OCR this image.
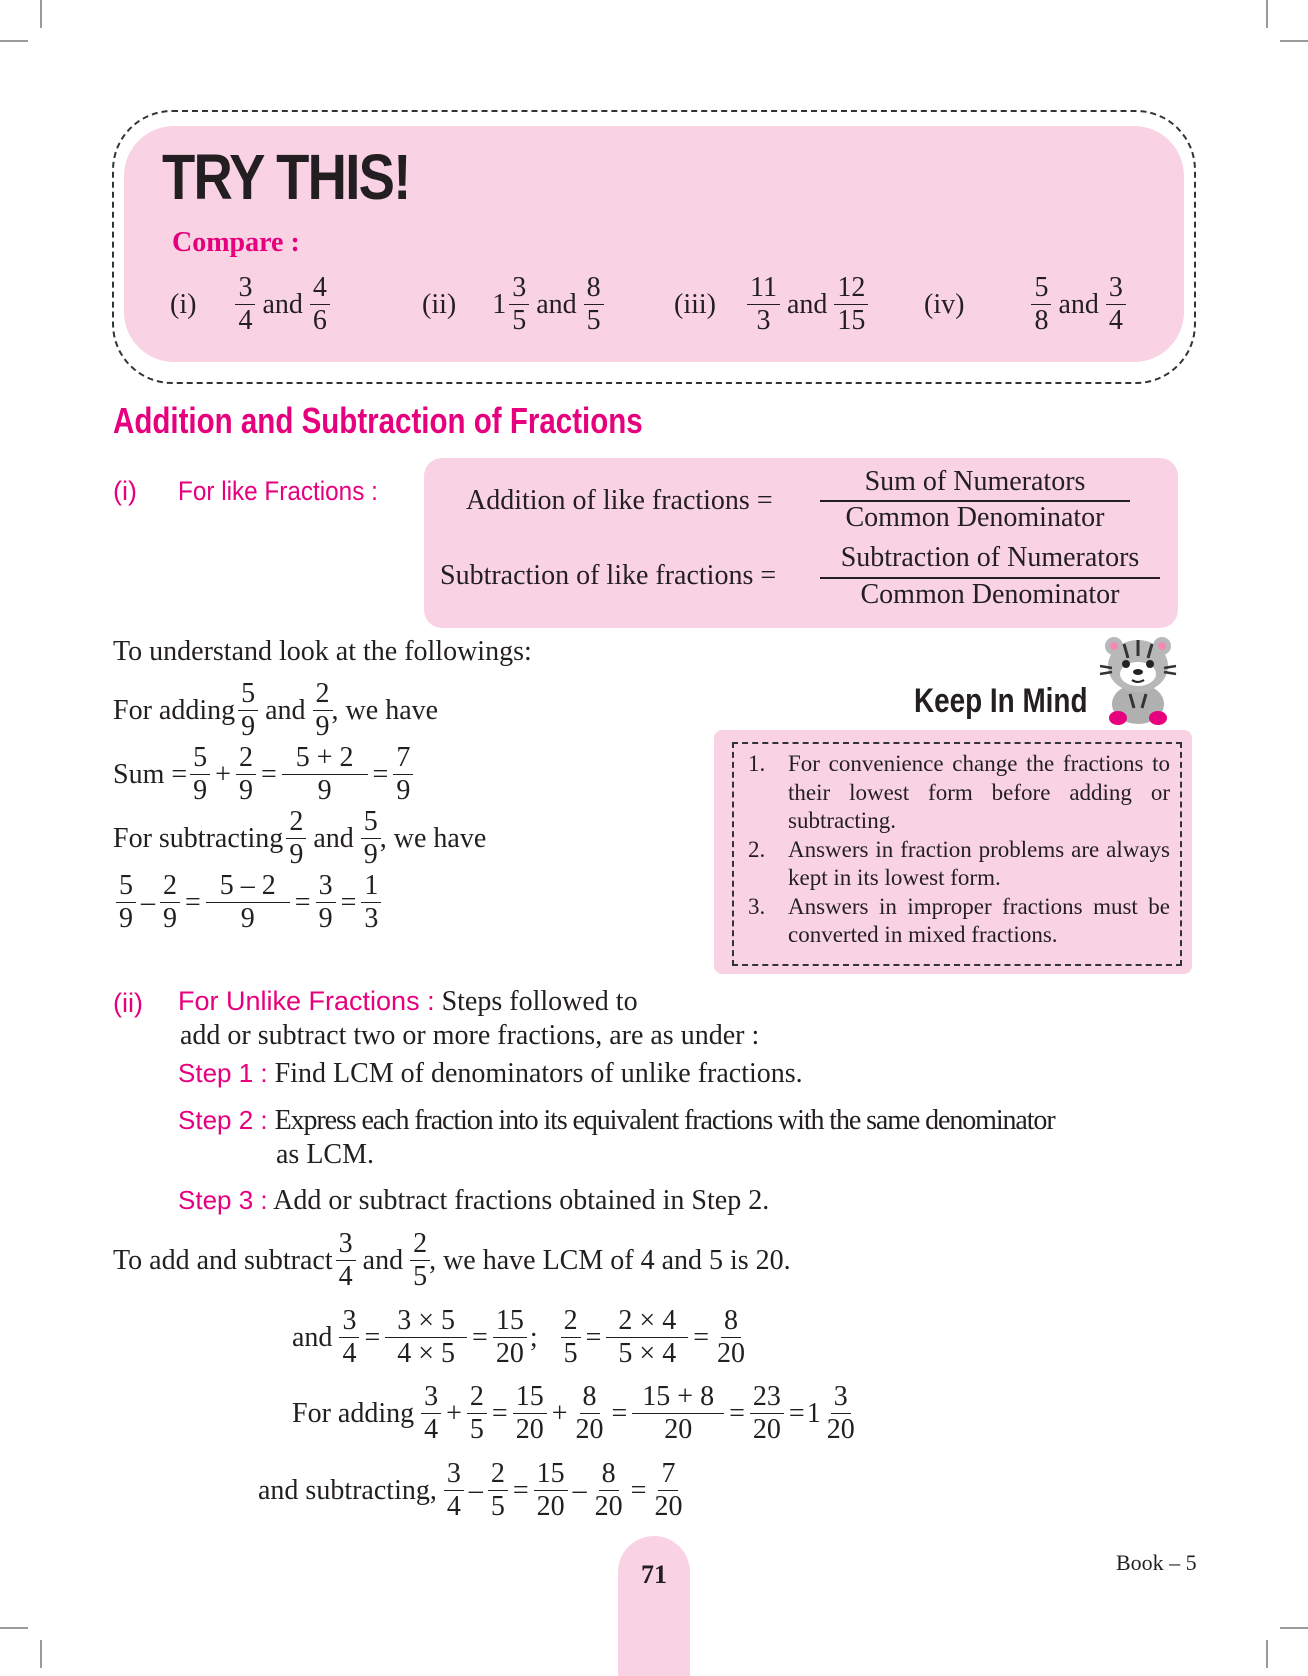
TRY THIS!
Compare :
$(i) \frac{3}{4}$ and $\frac{4}{6}$	(ii) $1 \frac{3}{5}$ and $\frac{8}{5}$	$(iii) \frac{11}{3}$ and $\frac{12}{15} (iv) \frac{5}{8}$ and $\frac{3}{4}$
Addition and Subtraction of Fractions
(i) For like Fractions :	Addition of like fractions =
Sum of Numerators
Common Denominator
Subtraction of like fractions =
Subtraction of Numerators
Common Denominator
To understand look at the followings:
For adding $\frac{5}{9}$ and $\frac{2}{9}$ , we have
Sum = $\frac{5}{9} + \frac{2}{9} = \frac{5 + 2}{9} = \frac{7}{9}$
For subtracting $\frac{2}{9}$ and $\frac{5}{9}$ , we have
$\frac{5}{9} - \frac{2}{9} = \frac{5 - 2}{9} = \frac{3}{9} = \frac{1}{3}$
Keep In Mind
1. For convenience change the fractions to their lowest form before adding or subtracting.
2. Answers in fraction problems are always kept in its lowest form.
3. Answers in improper fractions must be converted in mixed fractions.
(ii) For Unlike Fractions : Steps followed to
add or subtract two or more fractions, are as under :
Step 1 : Find LCM of denominators of unlike fractions.
Step 2 : Express each fraction into its equivalent fractions with the same denominator
as LCM.
Step 3 : Add or subtract fractions obtained in Step 2.
To add and subtract $\frac{3}{4}$ and $\frac{2}{5}$ , we have LCM of 4 and 5 is 20.
and $\frac{3}{4} = \frac{3 \times 5}{4 \times 5} = \frac{15}{20}$ ; $\frac{2}{5} = \frac{2 \times 4}{5 \times 4} = \frac{8}{20}$
For adding $\frac{3}{4} + \frac{2}{5} = \frac{15}{20} + \frac{8}{20} = \frac{15 + 8}{20} = \frac{23}{20} = 1 \frac{3}{20}$
and subtracting, $\frac{3}{4} - \frac{2}{5} = \frac{15}{20} - \frac{8}{20} = \frac{7}{20}$
71	Book – 5
